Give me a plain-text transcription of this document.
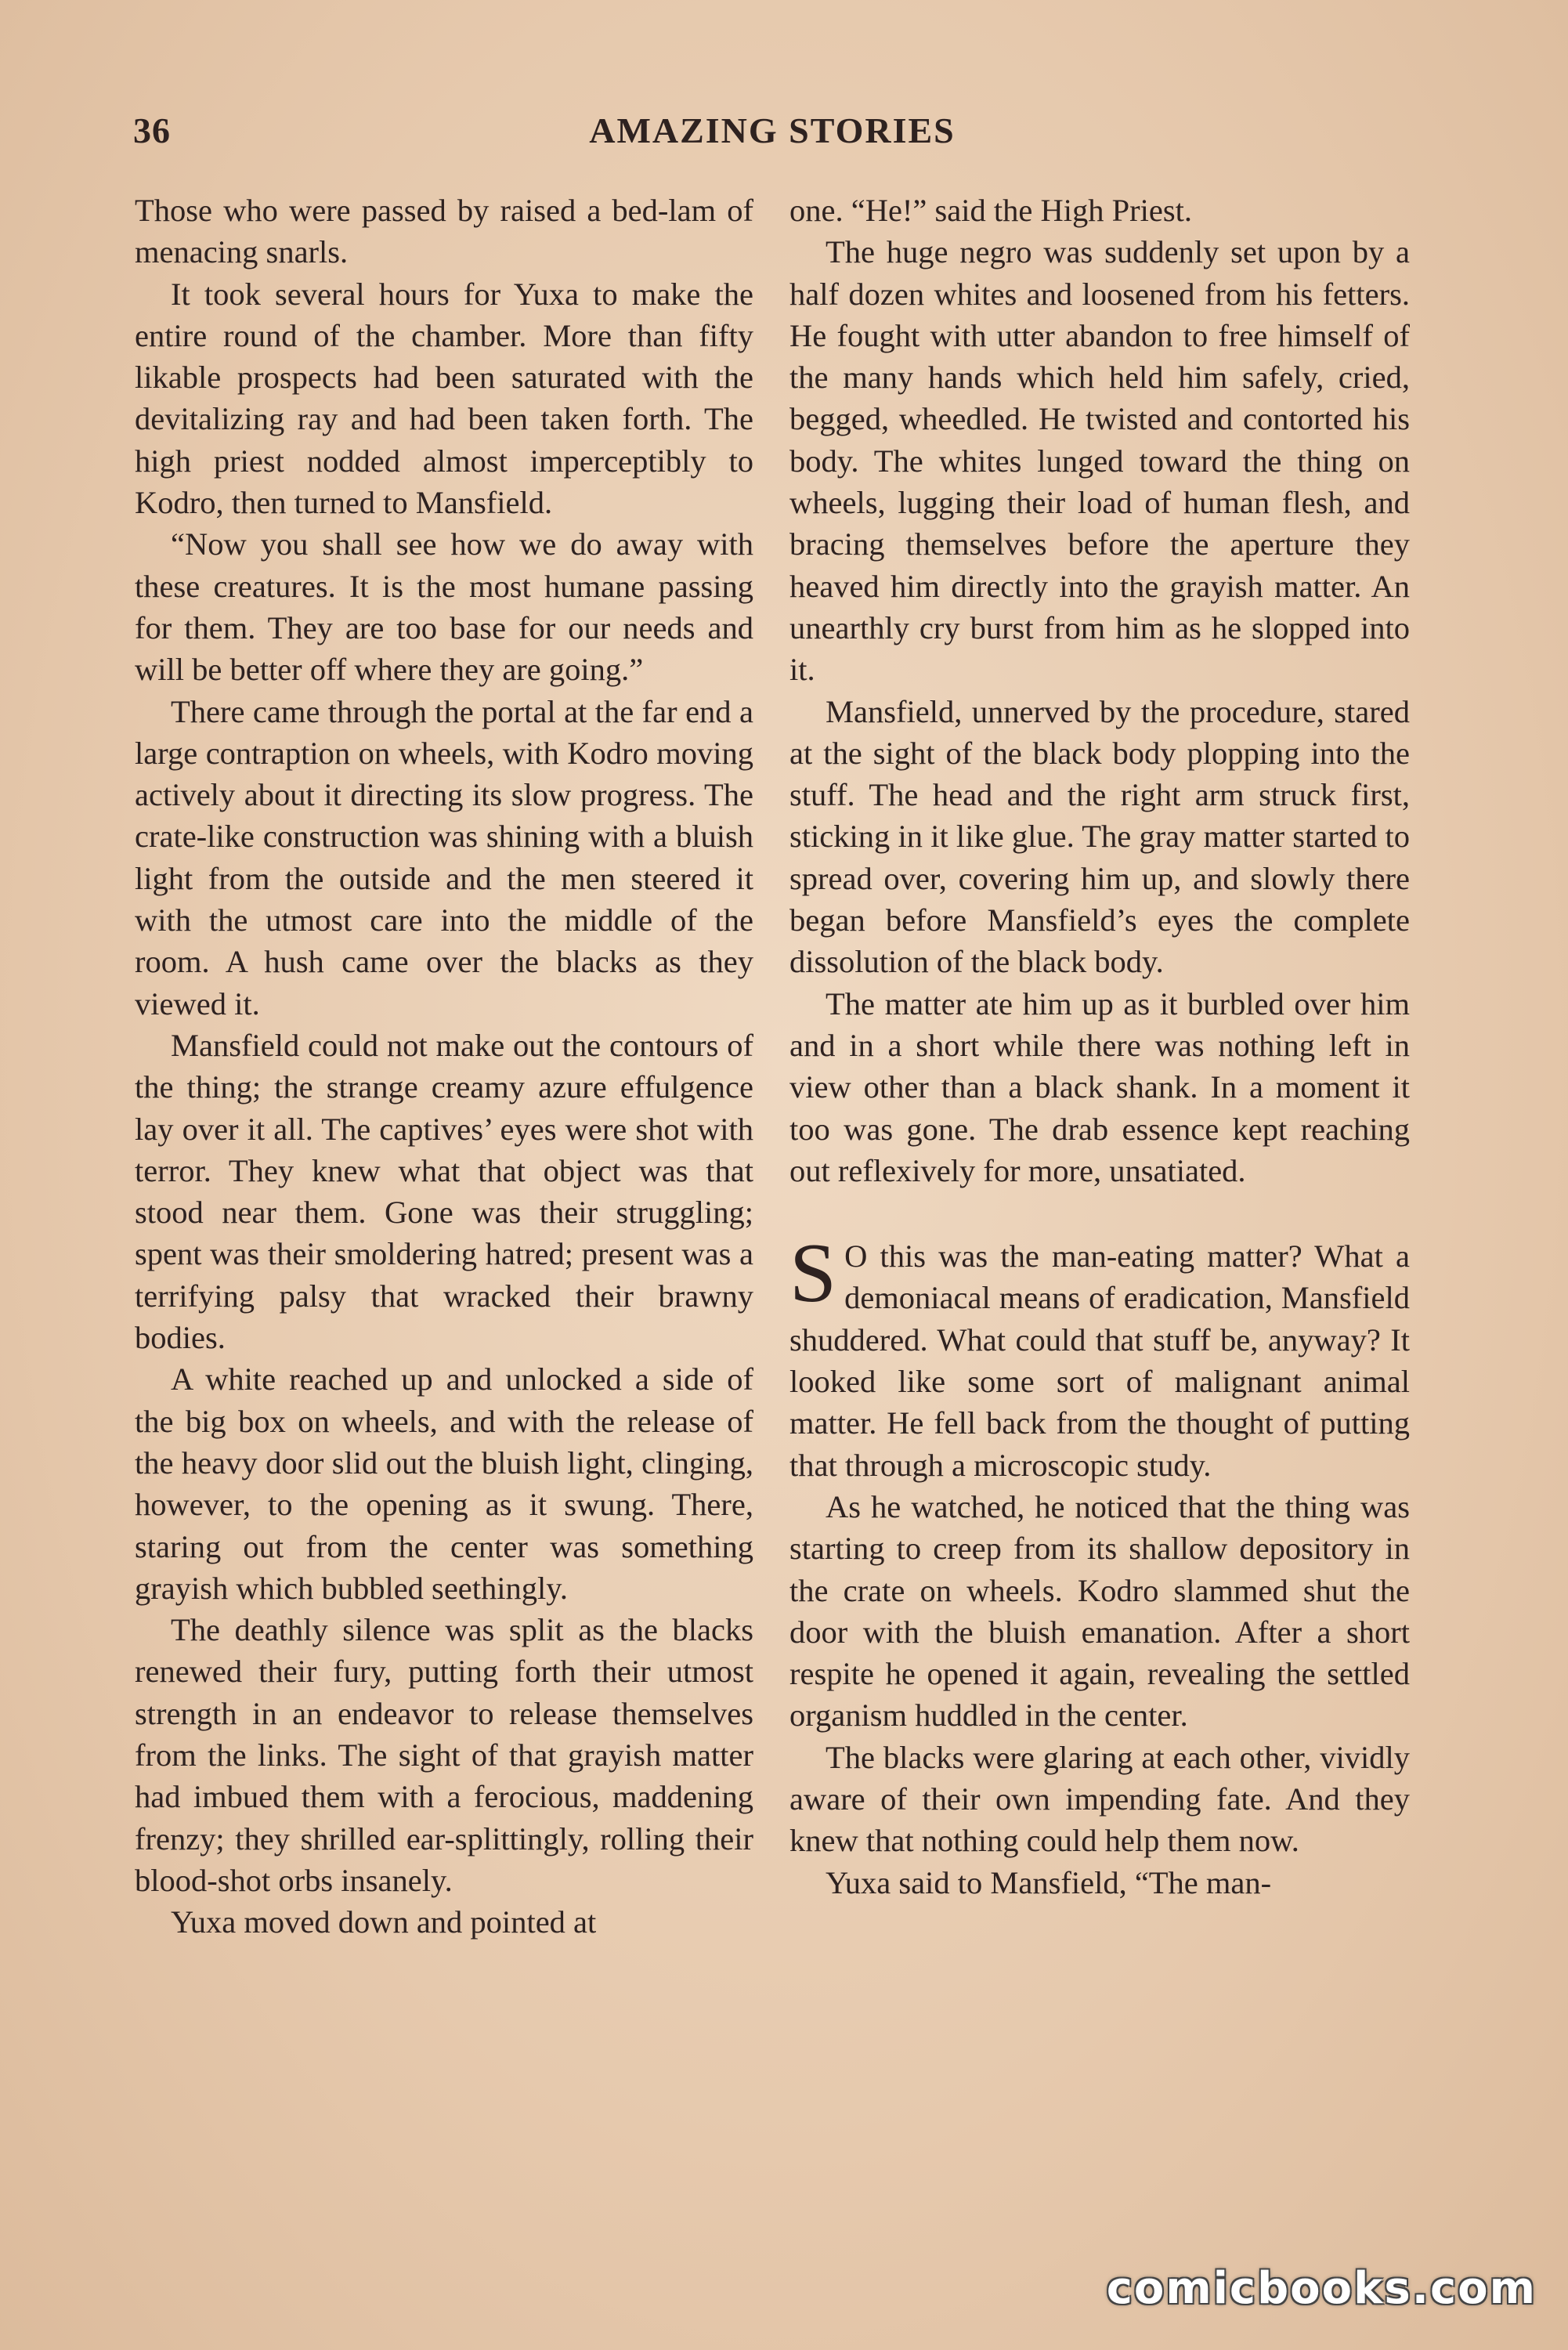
36	AMAZING STORIES

Those who were passed by raised a bed-lam of menacing snarls.

It took several hours for Yuxa to make the entire round of the chamber. More than fifty likable prospects had been saturated with the devitalizing ray and had been taken forth. The high priest nodded almost imperceptibly to Kodro, then turned to Mansfield.

“Now you shall see how we do away with these creatures. It is the most humane passing for them. They are too base for our needs and will be better off where they are going.”

There came through the portal at the far end a large contraption on wheels, with Kodro moving actively about it directing its slow progress. The crate-like construction was shining with a bluish light from the outside and the men steered it with the utmost care into the middle of the room. A hush came over the blacks as they viewed it.

Mansfield could not make out the contours of the thing; the strange creamy azure effulgence lay over it all. The captives’ eyes were shot with terror. They knew what that object was that stood near them. Gone was their struggling; spent was their smoldering hatred; present was a terrifying palsy that wracked their brawny bodies.

A white reached up and unlocked a side of the big box on wheels, and with the release of the heavy door slid out the bluish light, clinging, however, to the opening as it swung. There, staring out from the center was something grayish which bubbled seethingly.

The deathly silence was split as the blacks renewed their fury, putting forth their utmost strength in an endeavor to release themselves from the links. The sight of that grayish matter had imbued them with a ferocious, maddening frenzy; they shrilled ear-splittingly, rolling their blood-shot orbs insanely.

Yuxa moved down and pointed at

one. “He!” said the High Priest.

The huge negro was suddenly set upon by a half dozen whites and loosened from his fetters. He fought with utter abandon to free himself of the many hands which held him safely, cried, begged, wheedled. He twisted and contorted his body. The whites lunged toward the thing on wheels, lugging their load of human flesh, and bracing themselves before the aperture they heaved him directly into the grayish matter. An unearthly cry burst from him as he slopped into it.

Mansfield, unnerved by the procedure, stared at the sight of the black body plopping into the stuff. The head and the right arm struck first, sticking in it like glue. The gray matter started to spread over, covering him up, and slowly there began before Mansfield’s eyes the complete dissolution of the black body.

The matter ate him up as it burbled over him and in a short while there was nothing left in view other than a black shank. In a moment it too was gone. The drab essence kept reaching out reflexively for more, unsatiated.

S O this was the man-eating matter? What a demoniacal means of eradication, Mansfield shuddered. What could that stuff be, anyway? It looked like some sort of malignant animal matter. He fell back from the thought of putting that through a microscopic study.

As he watched, he noticed that the thing was starting to creep from its shallow depository in the crate on wheels. Kodro slammed shut the door with the bluish emanation. After a short respite he opened it again, revealing the settled organism huddled in the center.

The blacks were glaring at each other, vividly aware of their own impending fate. And they knew that nothing could help them now.

Yuxa said to Mansfield, “The man-

comicbooks.com
